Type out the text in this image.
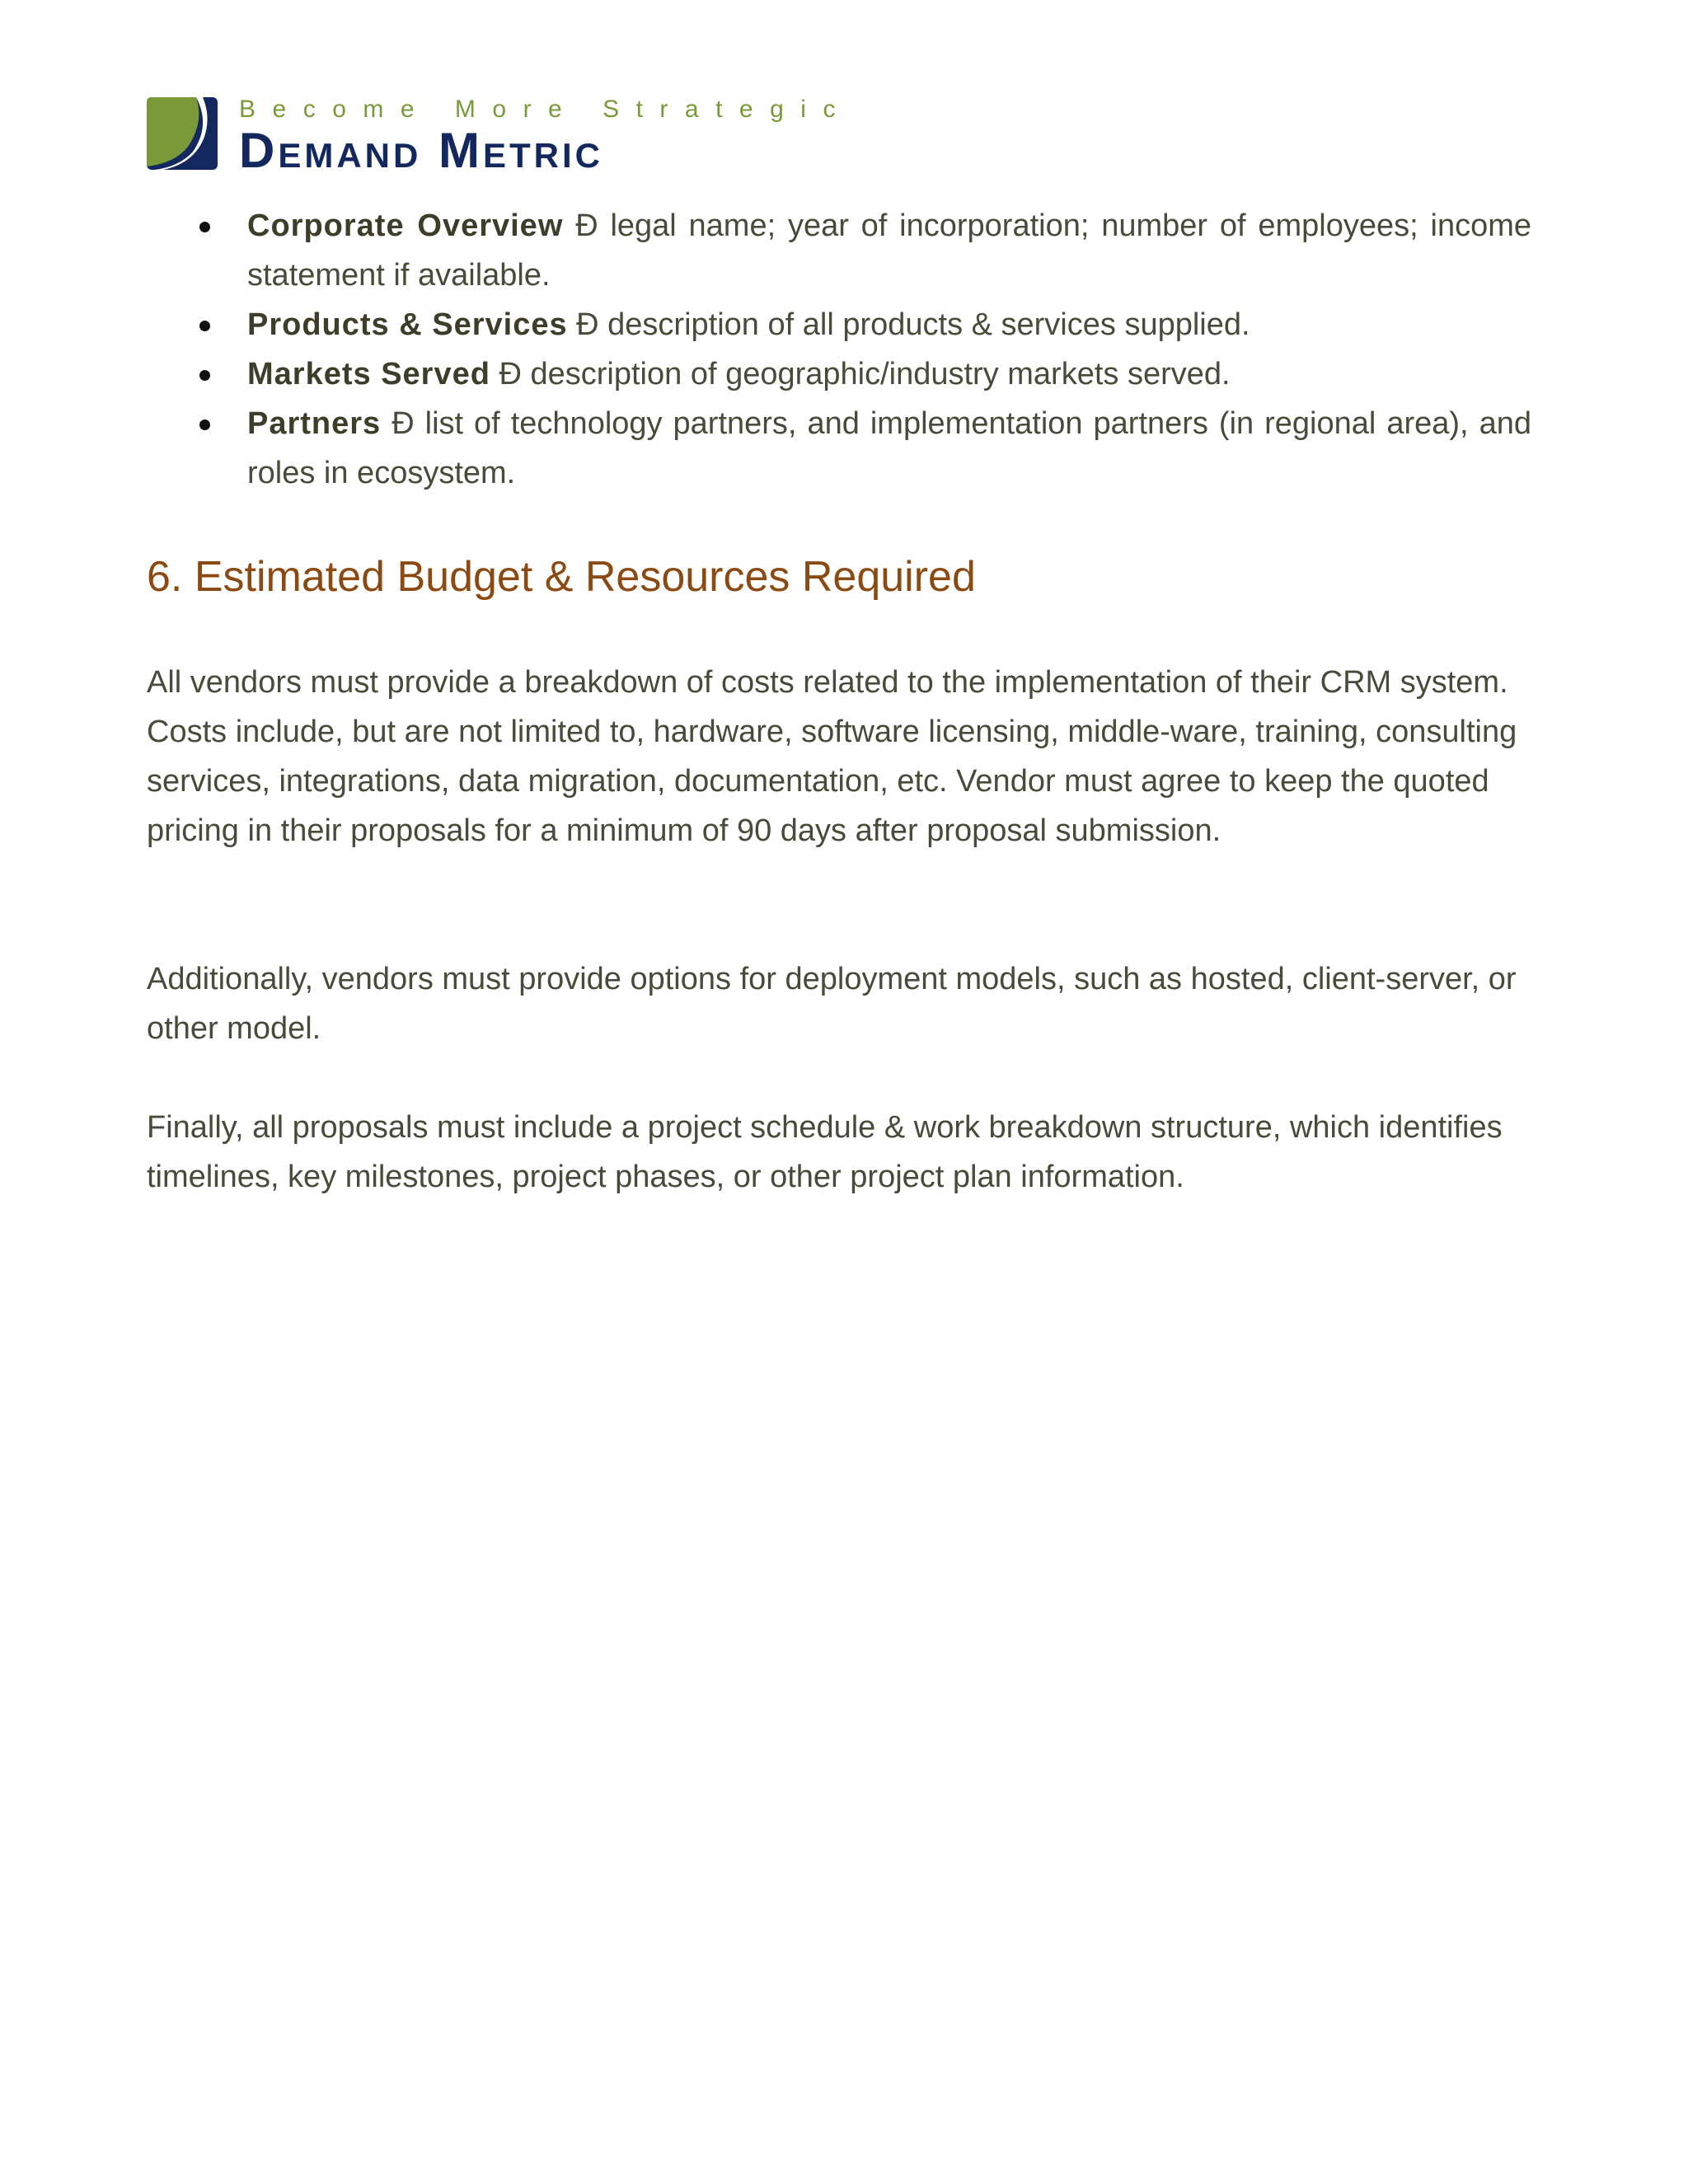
Become More Strategic
Demand Metric
Corporate Overview Ð legal name; year of incorporation; number of employees; income statement if available.
Products & Services Ð description of all products & services supplied.
Markets Served Ð description of geographic/industry markets served.
Partners Ð list of technology partners, and implementation partners (in regional area), and roles in ecosystem.
6. Estimated Budget & Resources Required

All vendors must provide a breakdown of costs related to the implementation of their CRM system. Costs include, but are not limited to, hardware, software licensing, middle-ware, training, consulting services, integrations, data migration, documentation, etc. Vendor must agree to keep the quoted pricing in their proposals for a minimum of 90 days after proposal submission.

Additionally, vendors must provide options for deployment models, such as hosted, client-server, or other model.

Finally, all proposals must include a project schedule & work breakdown structure, which identifies timelines, key milestones, project phases, or other project plan information.
